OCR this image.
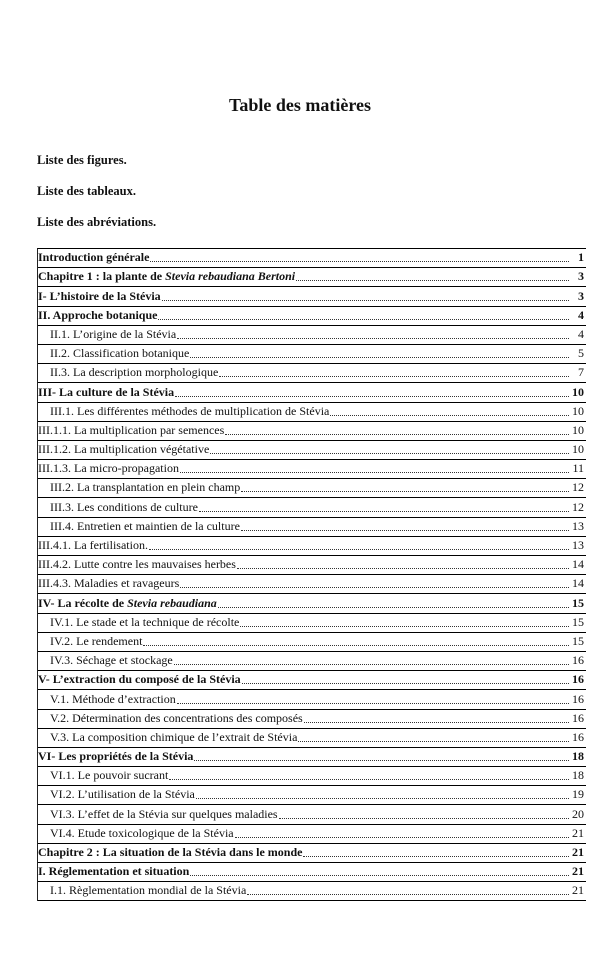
Table des matières
Liste des figures.
Liste des tableaux.
Liste des abréviations.
Introduction générale	1
Chapitre 1 : la plante de Stevia rebaudiana Bertoni	3
I- L’histoire de la Stévia	3
II. Approche botanique	4
II.1. L’origine de la Stévia	4
II.2. Classification botanique	5
II.3. La description morphologique	7
III- La culture de la Stévia	10
III.1. Les différentes méthodes de multiplication de Stévia	10
III.1.1. La multiplication par semences	10
III.1.2. La multiplication végétative	10
III.1.3. La micro-propagation	11
III.2. La transplantation en plein champ	12
III.3. Les conditions de culture	12
III.4. Entretien et maintien de la culture	13
III.4.1. La fertilisation.	13
III.4.2. Lutte contre les mauvaises herbes	14
III.4.3. Maladies et ravageurs	14
IV- La récolte de Stevia rebaudiana	15
IV.1. Le stade et la technique de récolte	15
IV.2. Le rendement	15
IV.3. Séchage et stockage	16
V- L’extraction du composé de la Stévia	16
V.1. Méthode d’extraction	16
V.2. Détermination des concentrations des composés	16
V.3. La composition chimique de l’extrait de Stévia	16
VI- Les propriétés de la Stévia	18
VI.1. Le pouvoir sucrant	18
VI.2. L’utilisation de la Stévia	19
VI.3. L’effet de la Stévia sur quelques maladies	20
VI.4. Etude toxicologique de la Stévia	21
Chapitre 2 : La situation de la Stévia dans le monde	21
I. Réglementation et situation	21
I.1. Règlementation mondial de la Stévia	21
